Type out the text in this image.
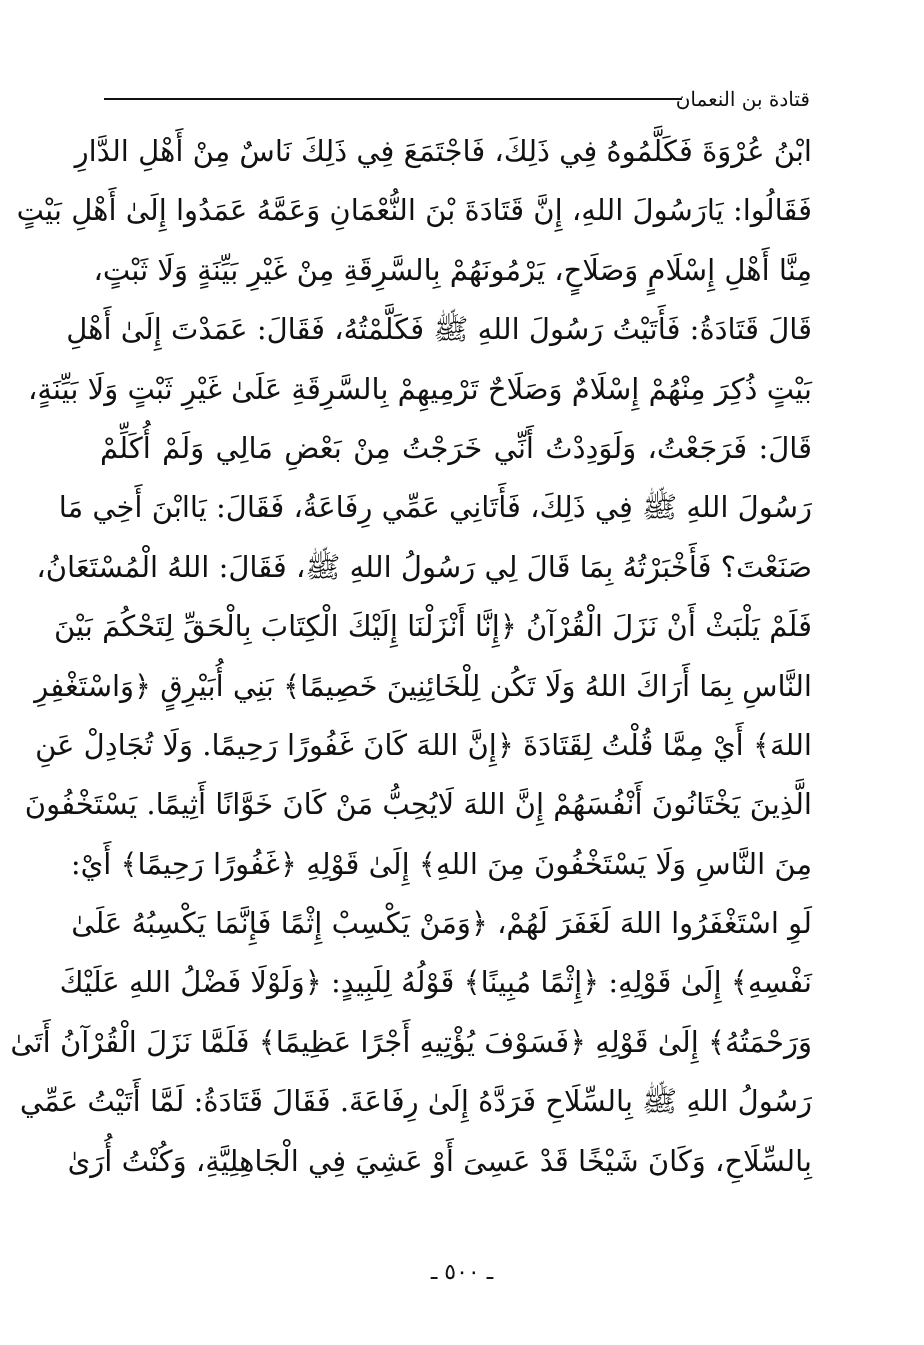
قتادة بن النعمان
ابْنُ عُرْوَةَ فَكَلَّمُوهُ فِي ذَلِكَ، فَاجْتَمَعَ فِي ذَلِكَ نَاسٌ مِنْ أَهْلِ الدَّارِ
فَقَالُوا: يَارَسُولَ اللهِ، إِنَّ قَتَادَةَ بْنَ النُّعْمَانِ وَعَمَّهُ عَمَدُوا إِلَىٰ أَهْلِ بَيْتٍ
مِنَّا أَهْلِ إِسْلَامٍ وَصَلَاحٍ، يَرْمُونَهُمْ بِالسَّرِقَةِ مِنْ غَيْرِ بَيِّنَةٍ وَلَا ثَبْتٍ،
قَالَ قَتَادَةُ: فَأَتَيْتُ رَسُولَ اللهِ ﷺ فَكَلَّمْتُهُ، فَقَالَ: عَمَدْتَ إِلَىٰ أَهْلِ
بَيْتٍ ذُكِرَ مِنْهُمْ إِسْلَامٌ وَصَلَاحٌ تَرْمِيهِمْ بِالسَّرِقَةِ عَلَىٰ غَيْرِ ثَبْتٍ وَلَا بَيِّنَةٍ،
قَالَ: فَرَجَعْتُ، وَلَوَدِدْتُ أَنِّي خَرَجْتُ مِنْ بَعْضِ مَالِي وَلَمْ أُكَلِّمْ
رَسُولَ اللهِ ﷺ فِي ذَلِكَ، فَأَتَانِي عَمِّي رِفَاعَةُ، فَقَالَ: يَاابْنَ أَخِي مَا
صَنَعْتَ؟ فَأَخْبَرْتُهُ بِمَا قَالَ لِي رَسُولُ اللهِ ﷺ، فَقَالَ: اللهُ الْمُسْتَعَانُ،
فَلَمْ يَلْبَثْ أَنْ نَزَلَ الْقُرْآنُ ﴿إِنَّا أَنْزَلْنَا إِلَيْكَ الْكِتَابَ بِالْحَقِّ لِتَحْكُمَ بَيْنَ
النَّاسِ بِمَا أَرَاكَ اللهُ وَلَا تَكُن لِلْخَائِنِينَ خَصِيمًا﴾ بَنِي أُبَيْرِقٍ ﴿وَاسْتَغْفِرِ
اللهَ﴾ أَيْ مِمَّا قُلْتُ لِقَتَادَةَ ﴿إِنَّ اللهَ كَانَ غَفُورًا رَحِيمًا. وَلَا تُجَادِلْ عَنِ
الَّذِينَ يَخْتَانُونَ أَنْفُسَهُمْ إِنَّ اللهَ لَايُحِبُّ مَنْ كَانَ خَوَّانًا أَثِيمًا. يَسْتَخْفُونَ
مِنَ النَّاسِ وَلَا يَسْتَخْفُونَ مِنَ اللهِ﴾ إِلَىٰ قَوْلِهِ ﴿غَفُورًا رَحِيمًا﴾ أَيْ:
لَوِ اسْتَغْفَرُوا اللهَ لَغَفَرَ لَهُمْ، ﴿وَمَنْ يَكْسِبْ إِثْمًا فَإِنَّمَا يَكْسِبُهُ عَلَىٰ
نَفْسِهِ﴾ إِلَىٰ قَوْلِهِ: ﴿إِثْمًا مُبِينًا﴾ قَوْلُهُ لِلَبِيدٍ: ﴿وَلَوْلَا فَضْلُ اللهِ عَلَيْكَ
وَرَحْمَتُهُ﴾ إِلَىٰ قَوْلِهِ ﴿فَسَوْفَ يُؤْتِيهِ أَجْرًا عَظِيمًا﴾ فَلَمَّا نَزَلَ الْقُرْآنُ أَتَىٰ
رَسُولُ اللهِ ﷺ بِالسِّلَاحِ فَرَدَّهُ إِلَىٰ رِفَاعَةَ. فَقَالَ قَتَادَةُ: لَمَّا أَتَيْتُ عَمِّي
بِالسِّلَاحِ، وَكَانَ شَيْخًا قَدْ عَسِىَ أَوْ عَشِيَ فِي الْجَاهِلِيَّةِ، وَكُنْتُ أُرَىٰ
ـ ٥٠٠ ـ
